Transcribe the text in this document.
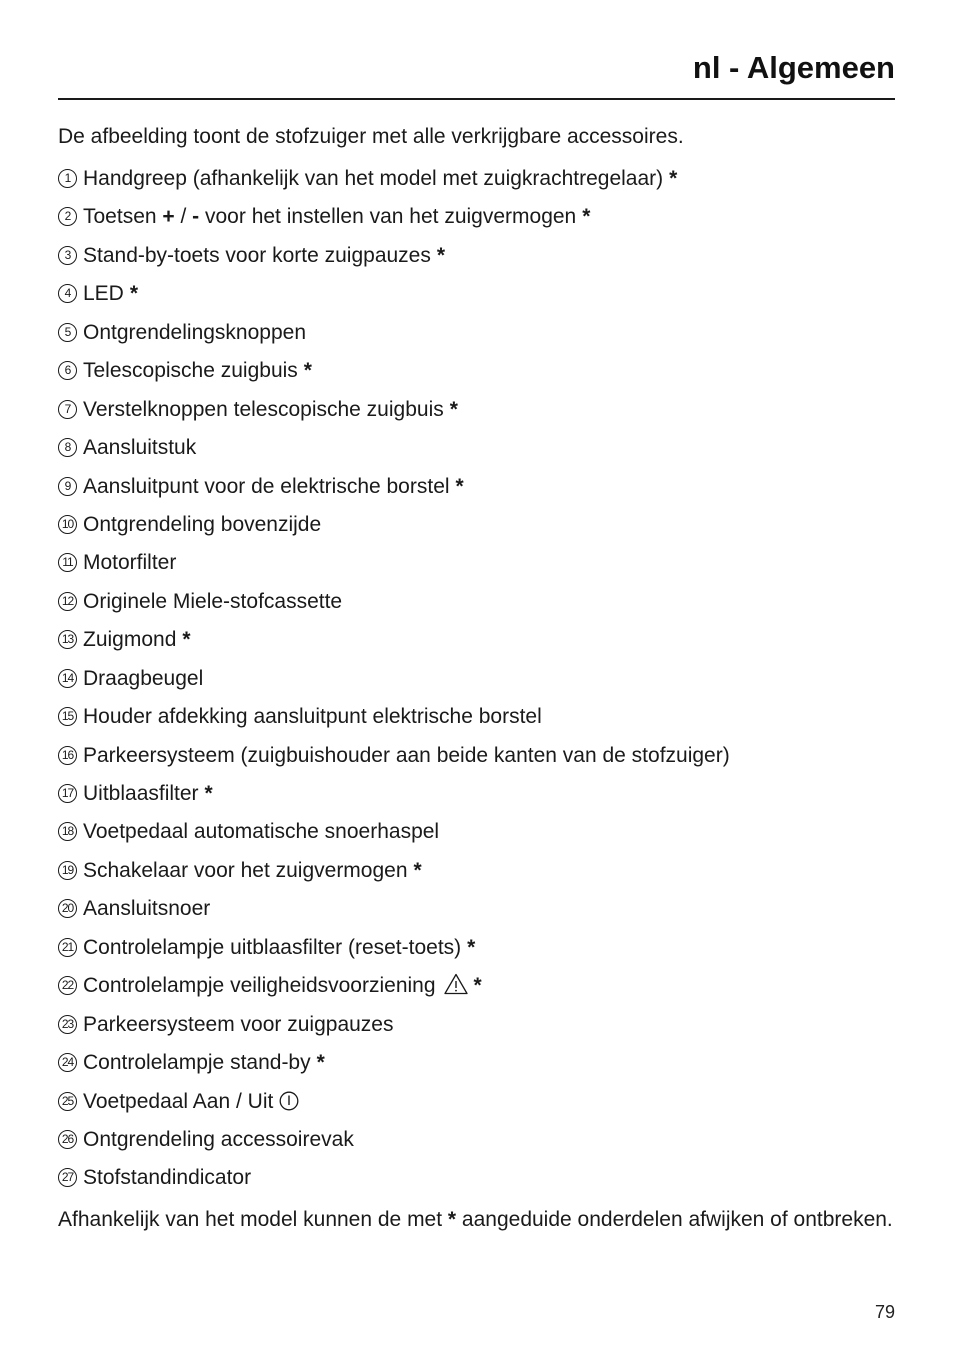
nl - Algemeen

De afbeelding toont de stofzuiger met alle verkrijgbare accessoires.

1 Handgreep (afhankelijk van het model met zuigkrachtregelaar) *
2 Toetsen + / - voor het instellen van het zuigvermogen *
3 Stand-by-toets voor korte zuigpauzes *
4 LED *
5 Ontgrendelingsknoppen
6 Telescopische zuigbuis *
7 Verstelknoppen telescopische zuigbuis *
8 Aansluitstuk
9 Aansluitpunt voor de elektrische borstel *
10 Ontgrendeling bovenzijde
11 Motorfilter
12 Originele Miele-stofcassette
13 Zuigmond *
14 Draagbeugel
15 Houder afdekking aansluitpunt elektrische borstel
16 Parkeersysteem (zuigbuishouder aan beide kanten van de stofzuiger)
17 Uitblaasfilter *
18 Voetpedaal automatische snoerhaspel
19 Schakelaar voor het zuigvermogen *
20 Aansluitsnoer
21 Controlelampje uitblaasfilter (reset-toets) *
22 Controlelampje veiligheidsvoorziening *
23 Parkeersysteem voor zuigpauzes
24 Controlelampje stand-by *
25 Voetpedaal Aan / Uit
26 Ontgrendeling accessoirevak
27 Stofstandindicator

Afhankelijk van het model kunnen de met * aangeduide onderdelen afwijken of ontbreken.

79
